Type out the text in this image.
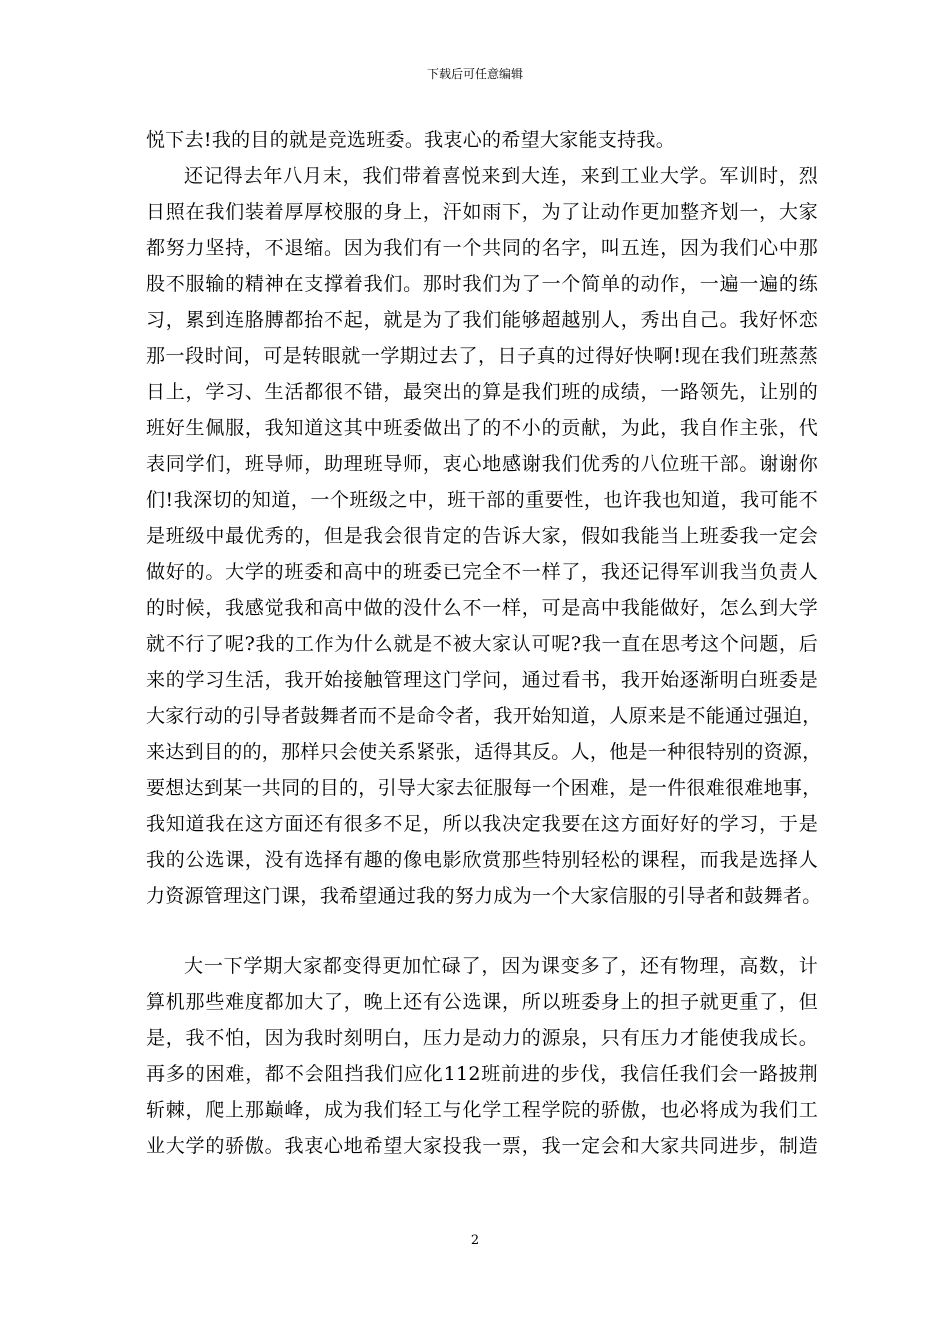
下载后可任意编辑
悦下去!我的目的就是竞选班委。我衷心的希望大家能支持我。
还记得去年八月末，我们带着喜悦来到大连，来到工业大学。军训时，烈
日照在我们装着厚厚校服的身上，汗如雨下，为了让动作更加整齐划一，大家
都努力坚持，不退缩。因为我们有一个共同的名字，叫五连，因为我们心中那
股不服输的精神在支撑着我们。那时我们为了一个简单的动作，一遍一遍的练
习，累到连胳膊都抬不起，就是为了我们能够超越别人，秀出自己。我好怀恋
那一段时间，可是转眼就一学期过去了，日子真的过得好快啊!现在我们班蒸蒸
日上，学习、生活都很不错，最突出的算是我们班的成绩，一路领先，让别的
班好生佩服，我知道这其中班委做出了的不小的贡献，为此，我自作主张，代
表同学们，班导师，助理班导师，衷心地感谢我们优秀的八位班干部。谢谢你
们!我深切的知道，一个班级之中，班干部的重要性，也许我也知道，我可能不
是班级中最优秀的，但是我会很肯定的告诉大家，假如我能当上班委我一定会
做好的。大学的班委和高中的班委已完全不一样了，我还记得军训我当负责人
的时候，我感觉我和高中做的没什么不一样，可是高中我能做好，怎么到大学
就不行了呢?我的工作为什么就是不被大家认可呢?我一直在思考这个问题，后
来的学习生活，我开始接触管理这门学问，通过看书，我开始逐渐明白班委是
大家行动的引导者鼓舞者而不是命令者，我开始知道，人原来是不能通过强迫，
来达到目的的，那样只会使关系紧张，适得其反。人，他是一种很特别的资源，
要想达到某一共同的目的，引导大家去征服每一个困难，是一件很难很难地事，
我知道我在这方面还有很多不足，所以我决定我要在这方面好好的学习，于是
我的公选课，没有选择有趣的像电影欣赏那些特别轻松的课程，而我是选择人
力资源管理这门课，我希望通过我的努力成为一个大家信服的引导者和鼓舞者。
大一下学期大家都变得更加忙碌了，因为课变多了，还有物理，高数，计
算机那些难度都加大了，晚上还有公选课，所以班委身上的担子就更重了，但
是，我不怕，因为我时刻明白，压力是动力的源泉，只有压力才能使我成长。
再多的困难，都不会阻挡我们应化112班前进的步伐，我信任我们会一路披荆
斩棘，爬上那巅峰，成为我们轻工与化学工程学院的骄傲，也必将成为我们工
业大学的骄傲。我衷心地希望大家投我一票，我一定会和大家共同进步，制造
2
